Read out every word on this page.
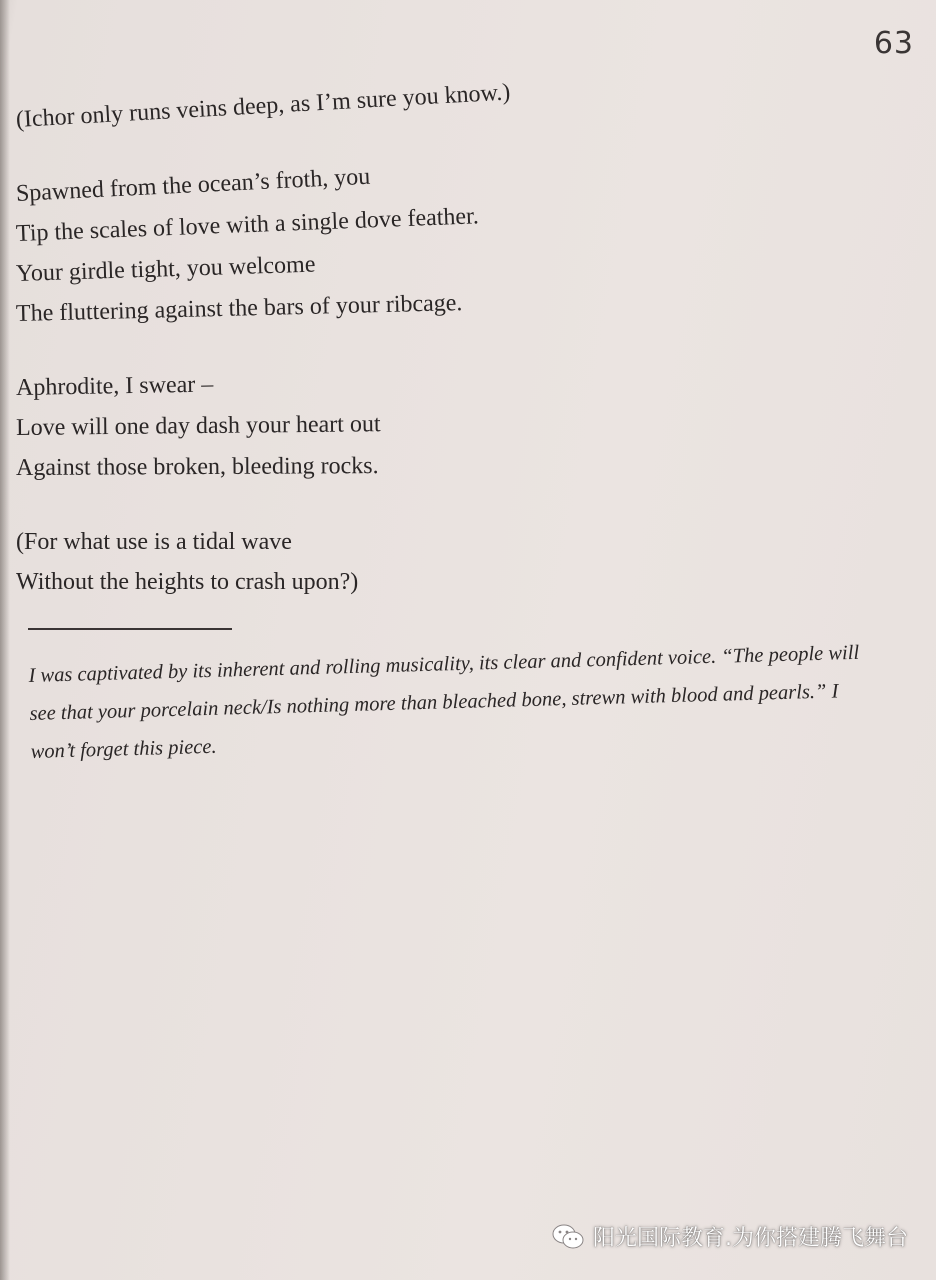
63
(Ichor only runs veins deep, as I’m sure you know.)
Spawned from the ocean’s froth, you
Tip the scales of love with a single dove feather.
Your girdle tight, you welcome
The fluttering against the bars of your ribcage.
Aphrodite, I swear –
Love will one day dash your heart out
Against those broken, bleeding rocks.
(For what use is a tidal wave
Without the heights to crash upon?)

I was captivated by its inherent and rolling musicality, its clear and confident voice. “The people will see that your porcelain neck/Is nothing more than bleached bone, strewn with blood and pearls.” I won’t forget this piece.

阳光国际教育.为你搭建腾飞舞台
